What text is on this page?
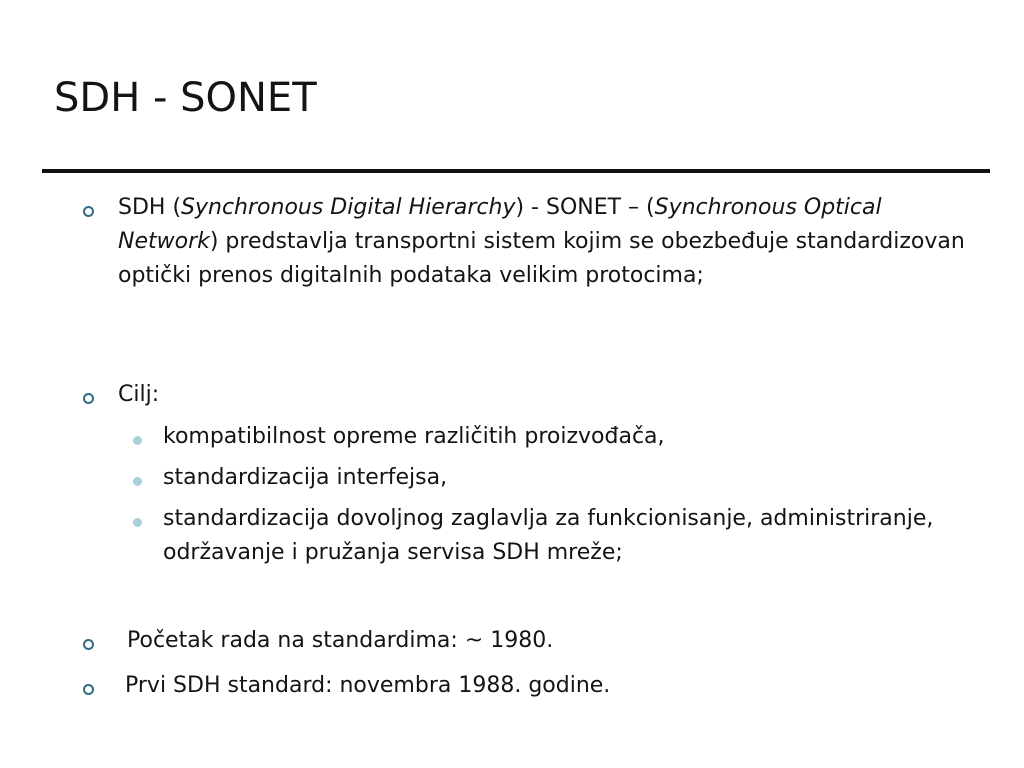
SDH - SONET
SDH (Synchronous Digital Hierarchy) - SONET – (Synchronous Optical Network) predstavlja transportni sistem kojim se obezbeđuje standardizovan optički prenos digitalnih podataka velikim protocima;
Cilj:
kompatibilnost opreme različitih proizvođača,
standardizacija interfejsa,
standardizacija dovoljnog zaglavlja za funkcionisanje, administriranje, održavanje i pružanja servisa SDH mreže;
Početak rada na standardima: ~ 1980.
Prvi SDH standard: novembra 1988. godine.
